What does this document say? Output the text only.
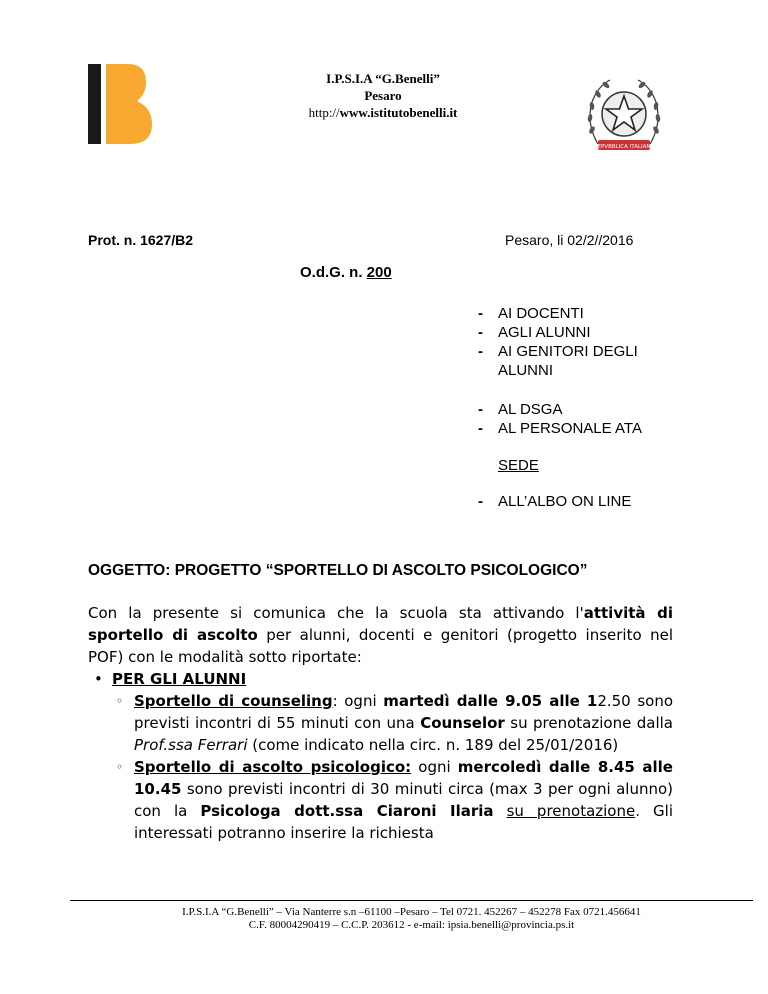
I.P.S.I.A “G.Benelli”
Pesaro
http://www.istitutobenelli.it
REPVBBLICA ITALIANA
Prot. n. 1627/B2	Pesaro, li 02/2//2016
O.d.G. n. 200
-	AI DOCENTI
-	AGLI ALUNNI
-	AI GENITORI DEGLI ALUNNI
-	AL DSGA
-	AL PERSONALE ATA
SEDE
-	ALL’ALBO ON LINE
OGGETTO: PROGETTO “SPORTELLO DI ASCOLTO PSICOLOGICO”

Con la presente si comunica che la scuola sta attivando l'attività di sportello di ascolto per alunni, docenti e genitori (progetto inserito nel POF) con le modalità sotto riportate:

• PER GLI ALUNNI
◦ Sportello di counseling: ogni martedì dalle 9.05 alle 12.50 sono previsti incontri di 55 minuti con una Counselor su prenotazione dalla Prof.ssa Ferrari (come indicato nella circ. n. 189 del 25/01/2016)
◦ Sportello di ascolto psicologico: ogni mercoledì dalle 8.45 alle 10.45 sono previsti incontri di 30 minuti circa (max 3 per ogni alunno) con la Psicologa dott.ssa Ciaroni Ilaria su prenotazione. Gli interessati potranno inserire la richiesta
I.P.S.I.A “G.Benelli” – Via Nanterre s.n –61100 –Pesaro – Tel 0721. 452267 – 452278 Fax 0721.456641
C.F. 80004290419 – C.C.P. 203612 - e-mail: ipsia.benelli@provincia.ps.it
